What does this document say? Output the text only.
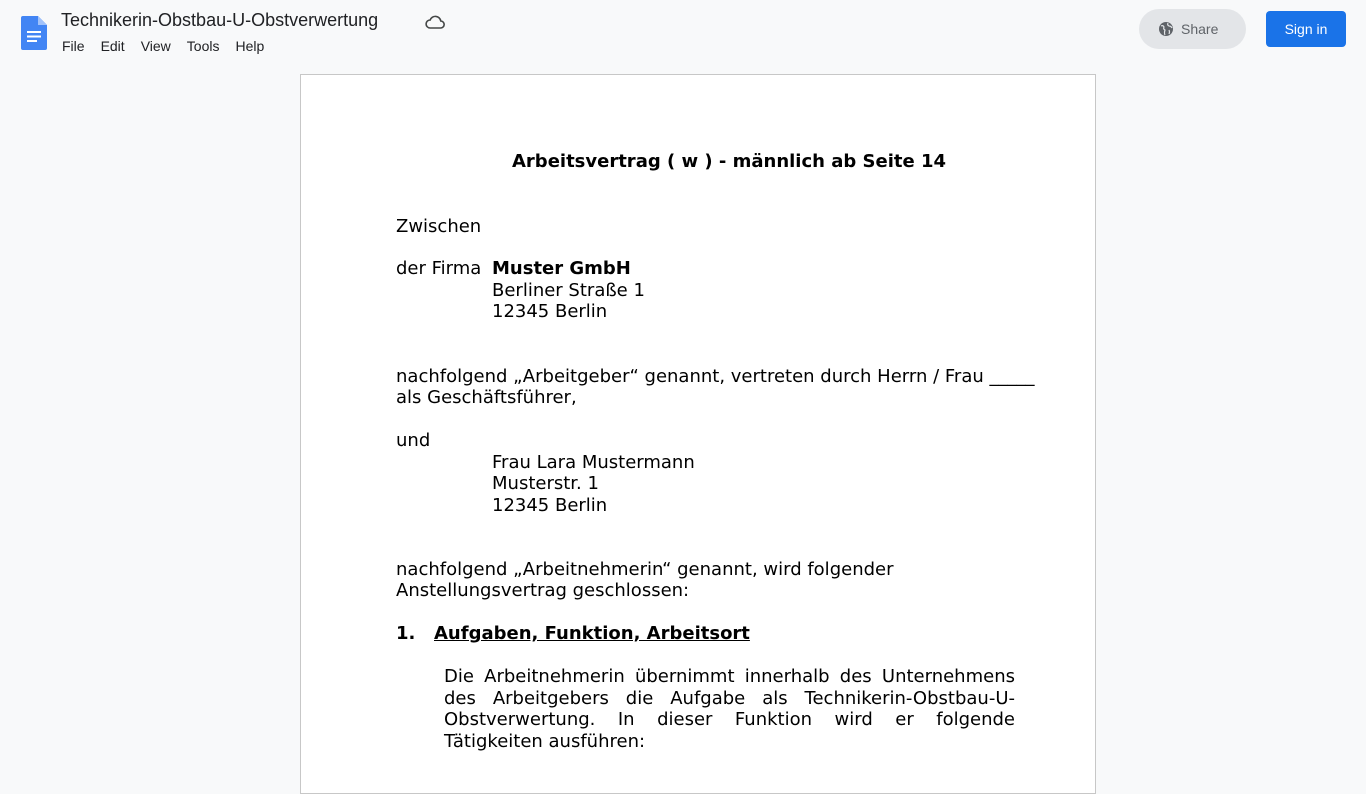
Technikerin-Obstbau-U-Obstverwertung
File Edit View Tools Help
Share	Sign in
Arbeitsvertrag ( w ) - männlich ab Seite 14
Zwischen
der Firma Muster GmbH
Berliner Straße 1
12345 Berlin
nachfolgend „Arbeitgeber“ genannt, vertreten durch Herrn / Frau _____
als Geschäftsführer,
und
Frau Lara Mustermann
Musterstr. 1
12345 Berlin
nachfolgend „Arbeitnehmerin“ genannt, wird folgender
Anstellungsvertrag geschlossen:
1. Aufgaben, Funktion, Arbeitsort
Die Arbeitnehmerin übernimmt innerhalb des Unternehmens des Arbeitgebers die Aufgabe als Technikerin-Obstbau-U-Obstverwertung. In dieser Funktion wird er folgende Tätigkeiten ausführen:
